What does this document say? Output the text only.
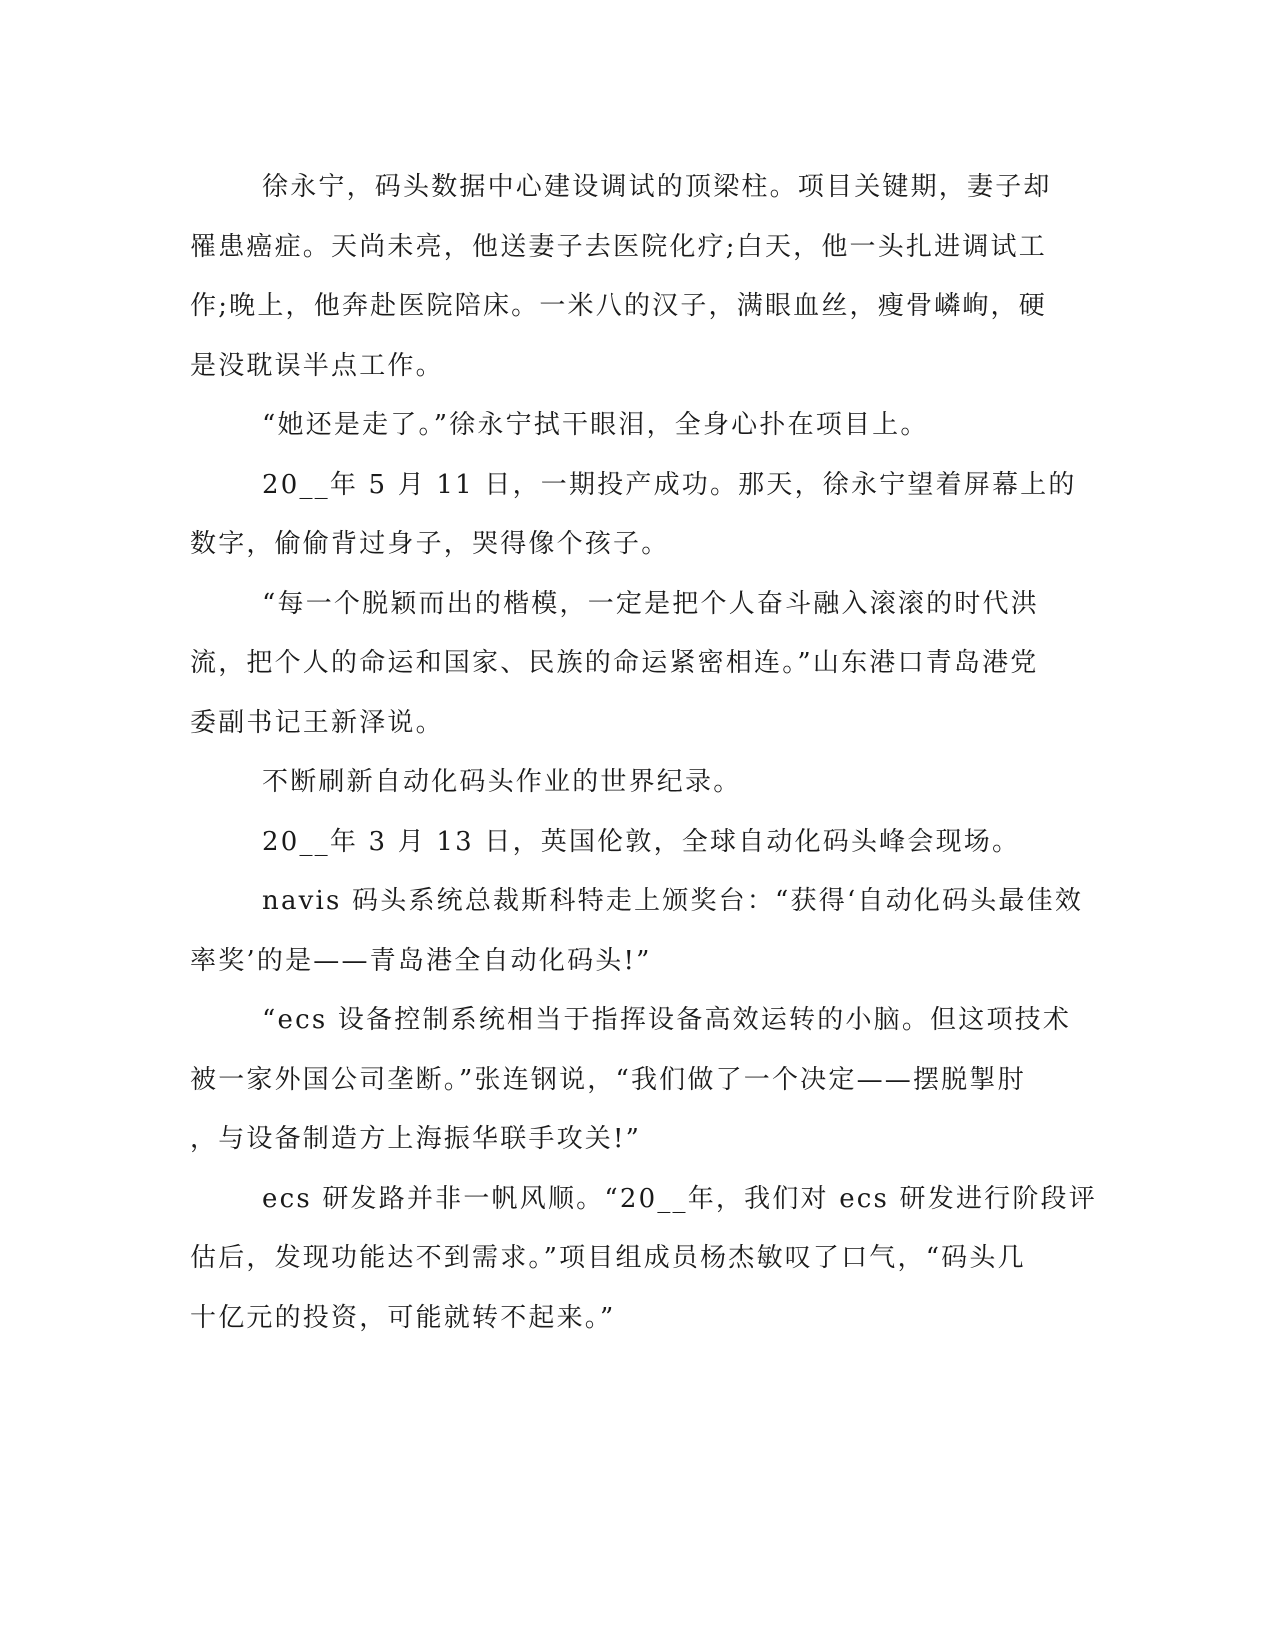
徐永宁，码头数据中心建设调试的顶梁柱。项目关键期，妻子却
罹患癌症。天尚未亮，他送妻子去医院化疗;白天，他一头扎进调试工
作;晚上，他奔赴医院陪床。一米八的汉子，满眼血丝，瘦骨嶙峋，硬
是没耽误半点工作。
“她还是走了。”徐永宁拭干眼泪，全身心扑在项目上。
20__年 5 月 11 日，一期投产成功。那天，徐永宁望着屏幕上的
数字，偷偷背过身子，哭得像个孩子。
“每一个脱颖而出的楷模，一定是把个人奋斗融入滚滚的时代洪
流，把个人的命运和国家、民族的命运紧密相连。”山东港口青岛港党
委副书记王新泽说。
不断刷新自动化码头作业的世界纪录。
20__年 3 月 13 日，英国伦敦，全球自动化码头峰会现场。
navis 码头系统总裁斯科特走上颁奖台：“获得‘自动化码头最佳效
率奖’的是——青岛港全自动化码头!”
“ecs 设备控制系统相当于指挥设备高效运转的小脑。但这项技术
被一家外国公司垄断。”张连钢说，“我们做了一个决定——摆脱掣肘
，与设备制造方上海振华联手攻关!”
ecs 研发路并非一帆风顺。“20__年，我们对 ecs 研发进行阶段评
估后，发现功能达不到需求。”项目组成员杨杰敏叹了口气，“码头几
十亿元的投资，可能就转不起来。”
